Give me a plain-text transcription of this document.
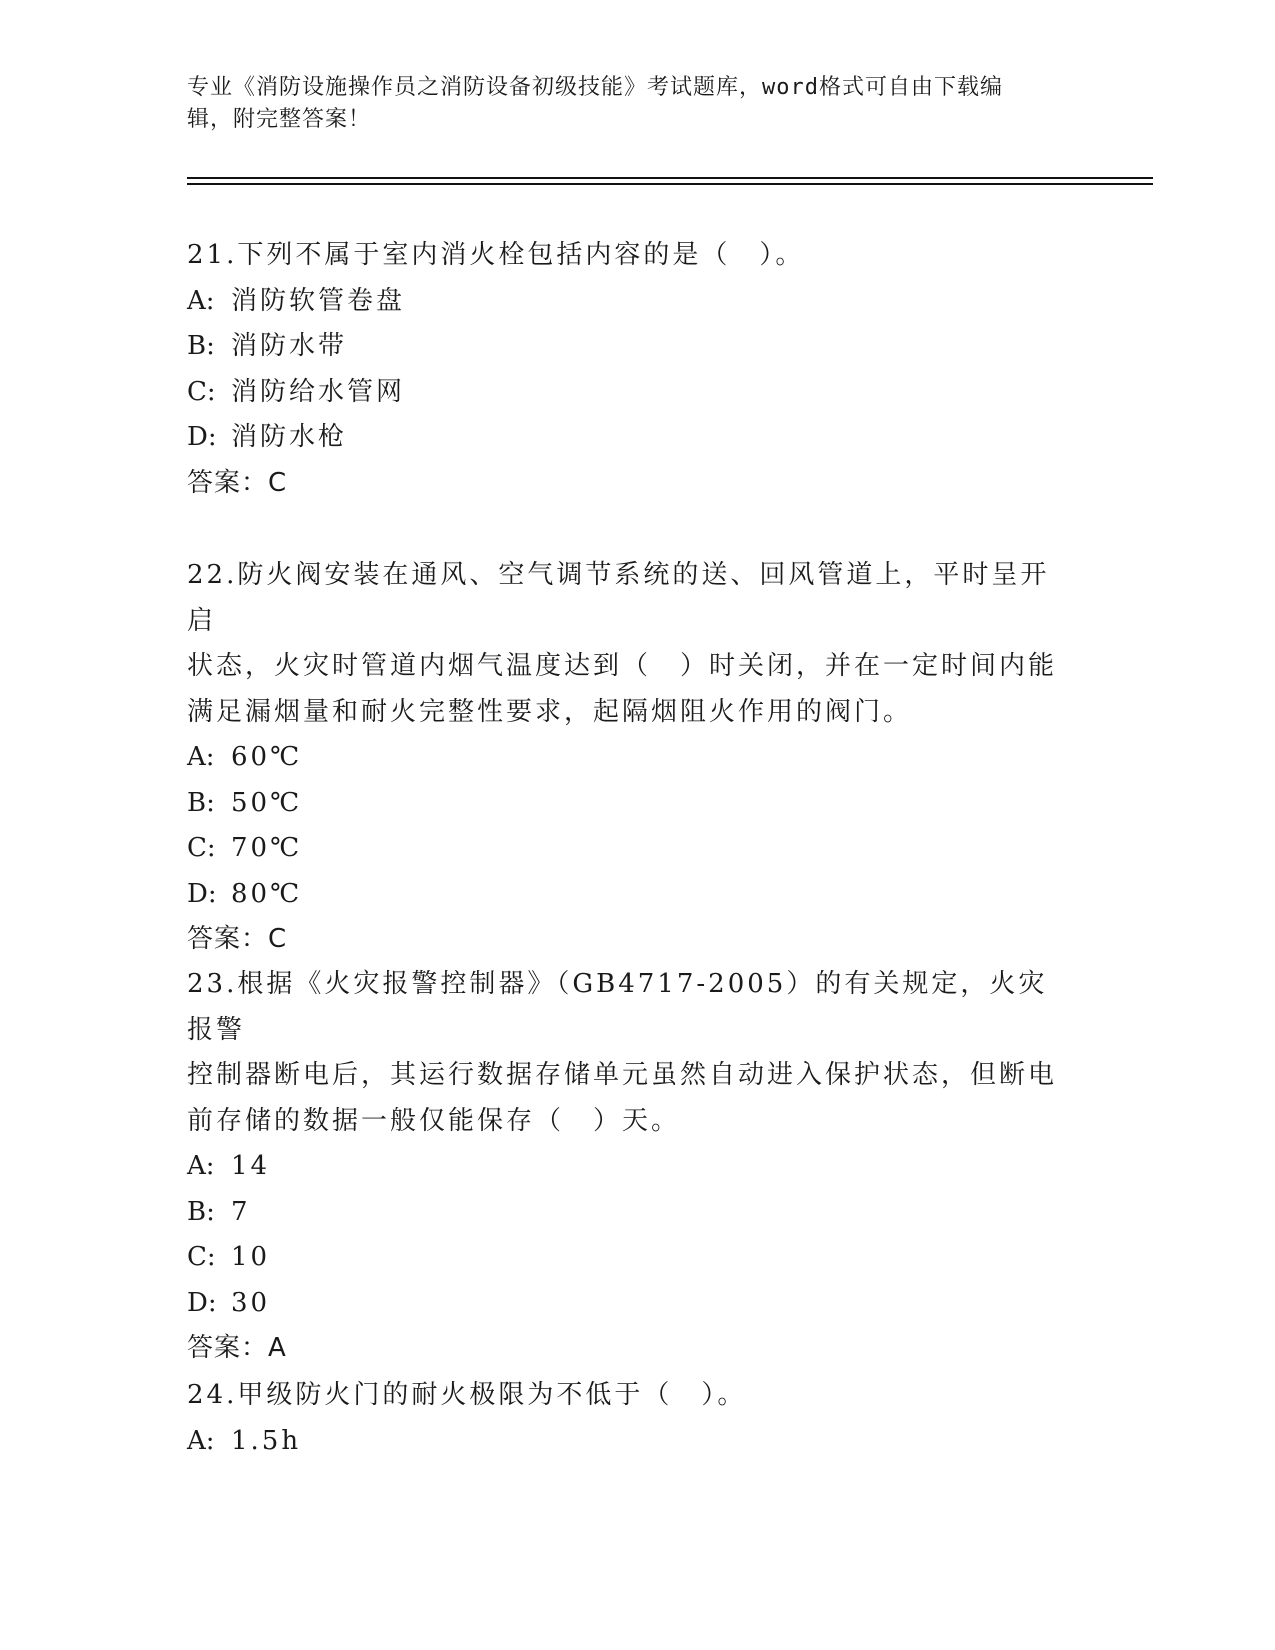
专业《消防设施操作员之消防设备初级技能》考试题库，word格式可自由下载编
辑，附完整答案！

21.下列不属于室内消火栓包括内容的是（　）。

A: 消防软管卷盘
B: 消防水带
C: 消防给水管网
D: 消防水枪

答案：C

22.防火阀安装在通风、空气调节系统的送、回风管道上，平时呈开启

状态，火灾时管道内烟气温度达到（　）时关闭，并在一定时间内能

满足漏烟量和耐火完整性要求，起隔烟阻火作用的阀门。

A: 60℃
B: 50℃
C: 70℃
D: 80℃

答案：C

23.根据《火灾报警控制器》（GB4717-2005）的有关规定，火灾报警

控制器断电后，其运行数据存储单元虽然自动进入保护状态，但断电

前存储的数据一般仅能保存（　）天。

A: 14
B: 7
C: 10
D: 30

答案：A

24.甲级防火门的耐火极限为不低于（　）。

A: 1.5h
